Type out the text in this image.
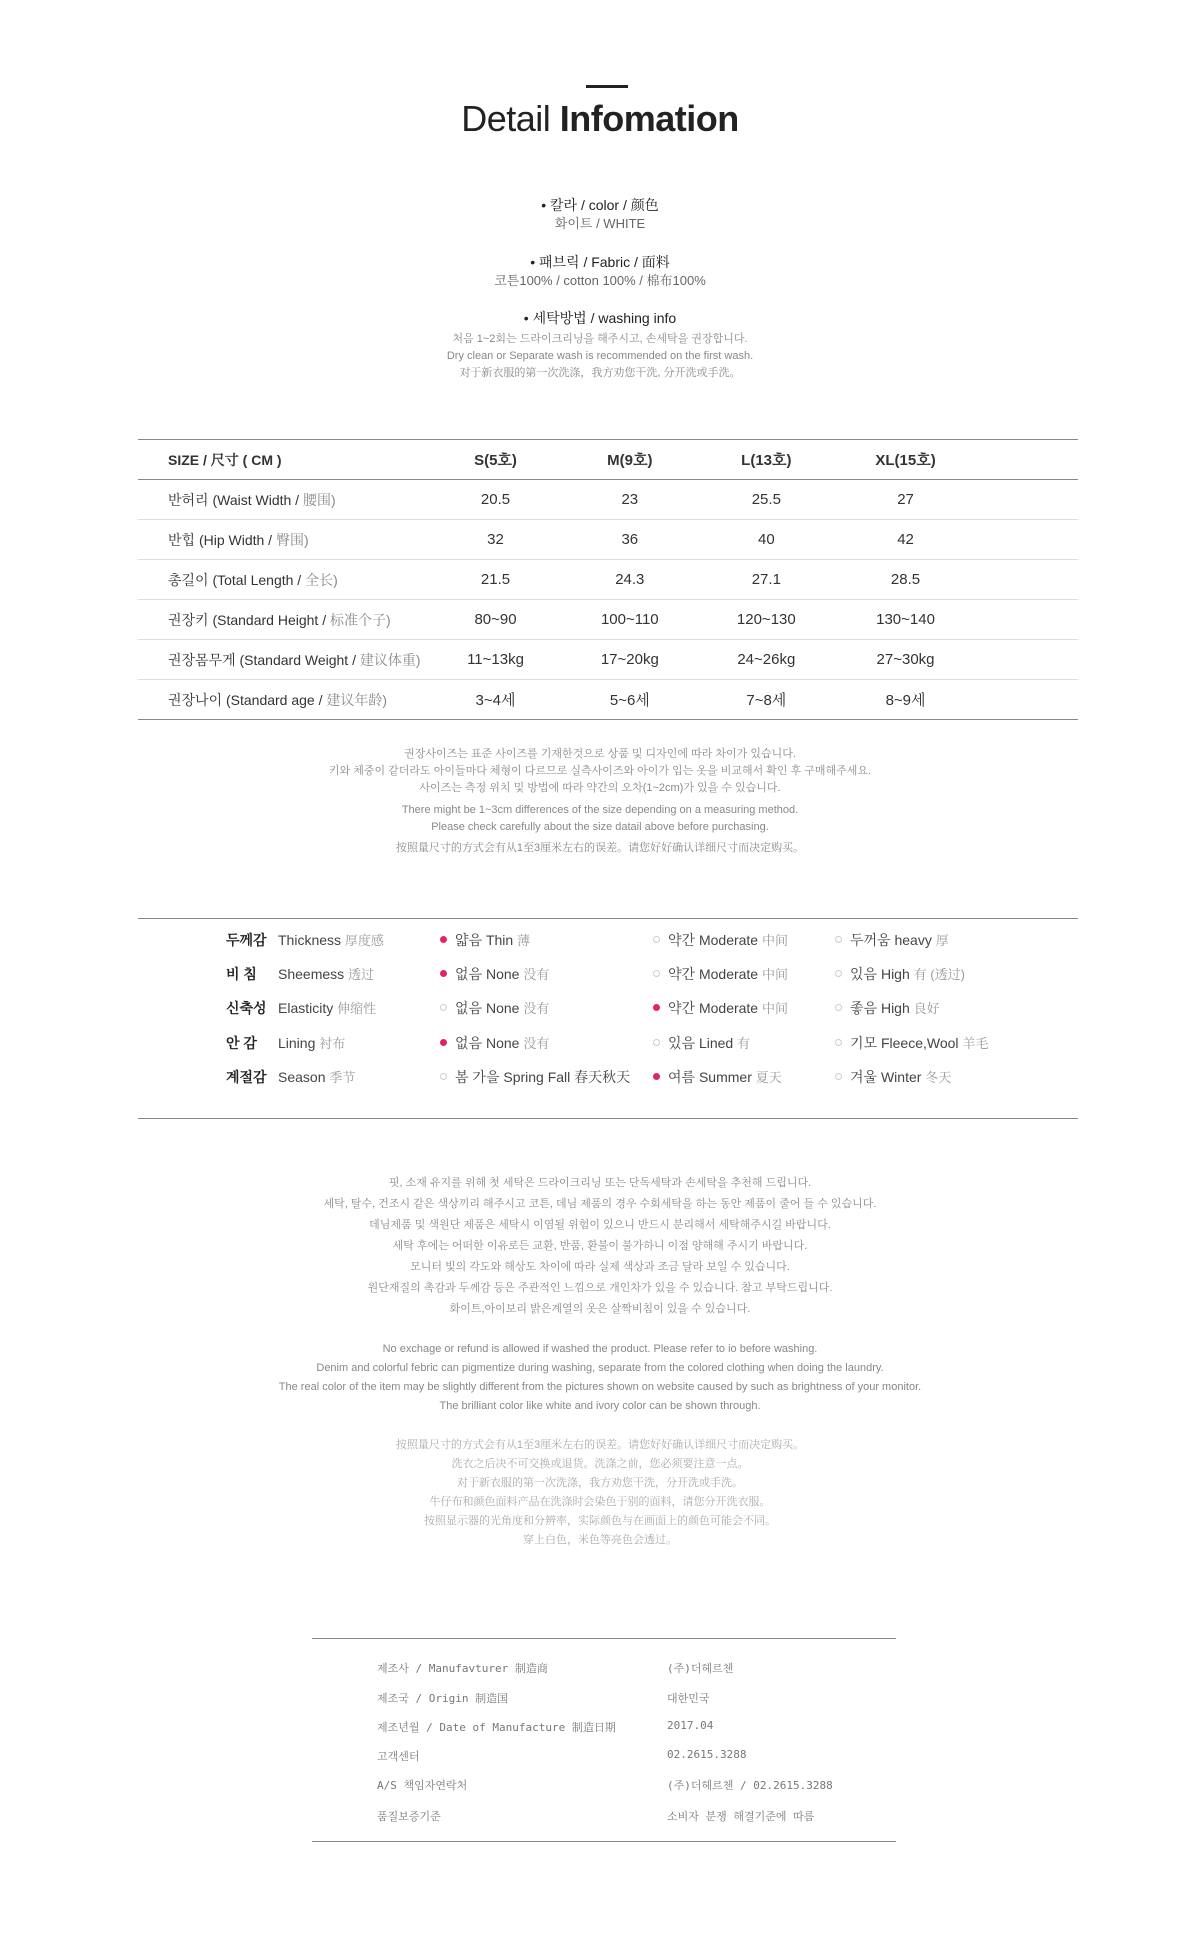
Detail Infomation
• 칼라 / color / 颜色
화이트 / WHITE
• 패브릭 / Fabric / 面料
코튼100% / cotton 100% / 棉布100%
• 세탁방법 / washing info
처음 1~2회는 드라이크리닝을 해주시고, 손세탁을 권장합니다.
Dry clean or Separate wash is recommended on the first wash.
对于新衣服的第一次洗涤，我方劝您干洗, 分开洗或手洗。
SIZE / 尺寸 ( CM )	S(5호)	M(9호)	L(13호)	XL(15호)	
반허리 (Waist Width / 腰围)	20.5	23	25.5	27	
반힙 (Hip Width / 臀围)	32	36	40	42	
총길이 (Total Length / 全长)	21.5	24.3	27.1	28.5	
권장키 (Standard Height / 标准个子)	80~90	100~110	120~130	130~140	
권장몸무게 (Standard Weight / 建议体重)	11~13kg	17~20kg	24~26kg	27~30kg	
권장나이 (Standard age / 建议年龄)	3~4세	5~6세	7~8세	8~9세	
권장사이즈는 표준 사이즈를 기재한것으로 상품 및 디자인에 따라 차이가 있습니다.
키와 체중이 같더라도 아이들마다 체형이 다르므로 실측사이즈와 아이가 입는 옷을 비교해서 확인 후 구매해주세요.
사이즈는 측정 위치 및 방법에 따라 약간의 오차(1~2cm)가 있을 수 있습니다.
There might be 1~3cm differences of the size depending on a measuring method.
Please check carefully about the size datail above before purchasing.
按照量尺寸的方式会有从1至3厘米左右的误差。请您好好确认详细尺寸而决定购买。
두께감 Thickness 厚度感	얇음 Thin 薄	약간 Moderate 中间	두꺼움 heavy 厚
비 침 Sheemess 透过	없음 None 没有	약간 Moderate 中间	있음 High 有 (透过)
신축성 Elasticity 伸缩性	없음 None 没有	약간 Moderate 中间	좋음 High 良好
안 감 Lining 衬布	없음 None 没有	있음 Lined 有	기모 Fleece,Wool 羊毛
계절감 Season 季节	봄 가을 Spring Fall 春天秋天	여름 Summer 夏天	겨울 Winter 冬天
핏, 소재 유지를 위해 첫 세탁은 드라이크리닝 또는 단독세탁과 손세탁을 추천해 드립니다.
세탁, 탈수, 건조시 같은 색상끼리 해주시고 코튼, 데님 제품의 경우 수회세탁을 하는 동안 제품이 줄어 들 수 있습니다.
데님제품 및 색원단 제품은 세탁시 이염될 위험이 있으니 반드시 분리해서 세탁해주시길 바랍니다.
세탁 후에는 어떠한 이유로든 교환, 반품, 환불이 불가하니 이점 양해해 주시기 바랍니다.
모니터 빛의 각도와 해상도 차이에 따라 실제 색상과 조금 달라 보일 수 있습니다.
원단재질의 촉감과 두께감 등은 주관적인 느낌으로 개인차가 있을 수 있습니다. 참고 부탁드립니다.
화이트,아이보리 밝은계열의 옷은 살짝비침이 있을 수 있습니다.
No exchage or refund is allowed if washed the product. Please refer to io before washing.
Denim and colorful febric can pigmentize during washing, separate from the colored clothing when doing the laundry.
The real color of the item may be slightly different from the pictures shown on website caused by such as brightness of your monitor.
The brilliant color like white and ivory color can be shown through.
按照量尺寸的方式会有从1至3厘米左右的误差。请您好好确认详细尺寸而决定购买。
洗衣之后决不可交换或退货。洗涤之前，您必须要注意一点。
对于新衣服的第一次洗涤，我方劝您干洗，分开洗或手洗。
牛仔布和颜色面料产品在洗涤时会染色于别的面料，请您分开洗衣服。
按照显示器的光角度和分辨率，实际颜色与在画面上的颜色可能会不同。
穿上白色，米色等亮色会透过。
제조사 / Manufavturer 制造商	(주)더헤르첸
제조국 / Origin 制造国	대한민국
제조년월 / Date of Manufacture 制造日期	2017.04
고객센터	02.2615.3288
A/S 책임자연락처	(주)더헤르첸 / 02.2615.3288
품질보증기준	소비자 분쟁 해결기준에 따름
